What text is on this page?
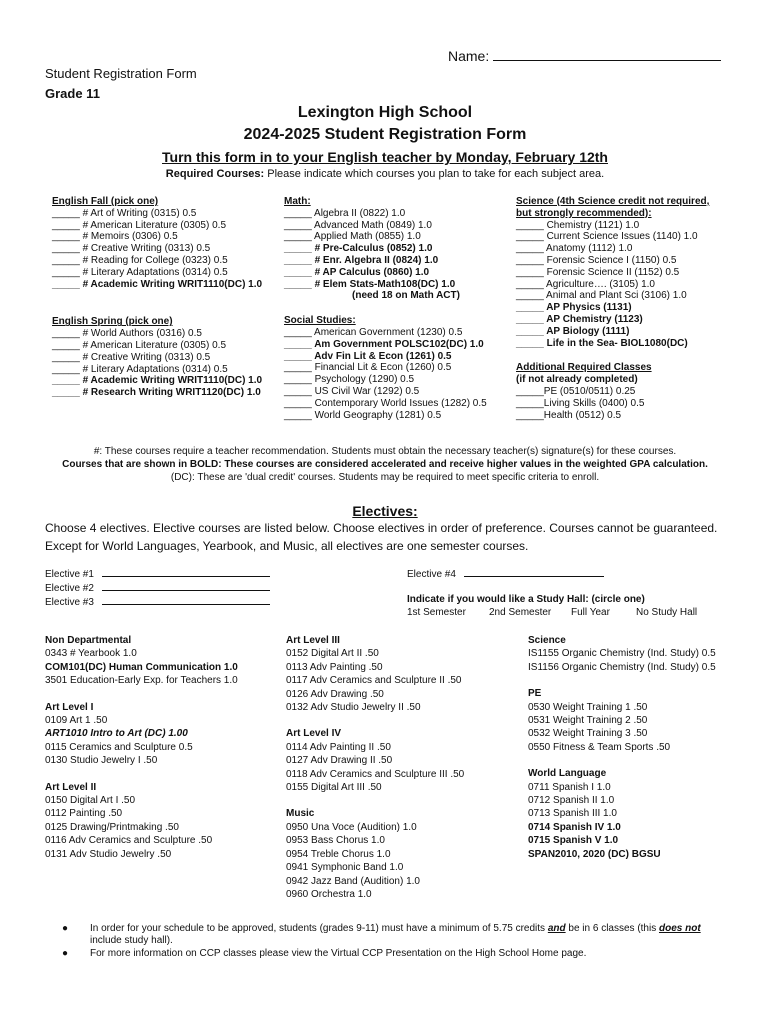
Name:
Student Registration Form
Grade 11
Lexington High School
2024-2025 Student Registration Form
Turn this form in to your English teacher by Monday, February 12th
Required Courses: Please indicate which courses you plan to take for each subject area.
English Fall (pick one)
_____ # Art of Writing (0315) 0.5
_____ # American Literature (0305) 0.5
_____ # Memoirs (0306) 0.5
_____ # Creative Writing (0313) 0.5
_____ # Reading for College (0323) 0.5
_____ # Literary Adaptations (0314) 0.5
_____ # Academic Writing WRIT1110(DC) 1.0

English Spring (pick one)
_____ # World Authors (0316) 0.5
_____ # American Literature (0305) 0.5
_____ # Creative Writing (0313) 0.5
_____ # Literary Adaptations (0314) 0.5
_____ # Academic Writing WRIT1110(DC) 1.0
_____ # Research Writing WRIT1120(DC) 1.0
Math:
_____ Algebra II (0822) 1.0
_____ Advanced Math (0849) 1.0
_____ Applied Math (0855) 1.0
_____ # Pre-Calculus (0852) 1.0
_____ # Enr. Algebra II (0824) 1.0
_____ # AP Calculus (0860) 1.0
_____ # Elem Stats-Math108(DC) 1.0
(need 18 on Math ACT)

Social Studies:
_____ American Government (1230) 0.5
_____ Am Government POLSC102(DC) 1.0
_____ Adv Fin Lit & Econ (1261) 0.5
_____ Financial Lit & Econ (1260) 0.5
_____ Psychology (1290) 0.5
_____ US Civil War (1292) 0.5
_____ Contemporary World Issues (1282) 0.5
_____ World Geography (1281) 0.5
Science (4th Science credit not required,
but strongly recommended):
_____ Chemistry (1121) 1.0
_____ Current Science Issues (1140) 1.0
_____ Anatomy (1112) 1.0
_____ Forensic Science I (1150) 0.5
_____ Forensic Science II (1152) 0.5
_____ Agriculture…. (3105) 1.0
_____ Animal and Plant Sci (3106) 1.0
_____ AP Physics (1131)
_____ AP Chemistry (1123)
_____ AP Biology (1111)
_____ Life in the Sea- BIOL1080(DC)

Additional Required Classes
(if not already completed)
_____PE (0510/0511) 0.25
_____Living Skills (0400) 0.5
_____Health (0512) 0.5
#: These courses require a teacher recommendation. Students must obtain the necessary teacher(s) signature(s) for these courses.
Courses that are shown in BOLD: These courses are considered accelerated and receive higher values in the weighted GPA calculation.
(DC): These are 'dual credit' courses. Students may be required to meet specific criteria to enroll.
Electives:
Choose 4 electives. Elective courses are listed below. Choose electives in order of preference. Courses cannot be guaranteed. Except for World Languages, Yearbook, and Music, all electives are one semester courses.
Elective #1
Elective #2
Elective #3
Elective #4
Indicate if you would like a Study Hall: (circle one)
1st Semester 2nd Semester Full Year	No Study Hall
Non Departmental
0343 # Yearbook 1.0
COM101(DC) Human Communication 1.0
3501 Education-Early Exp. for Teachers 1.0

Art Level I
0109 Art 1 .50
ART1010 Intro to Art (DC) 1.00
0115 Ceramics and Sculpture 0.5
0130 Studio Jewelry I .50

Art Level II
0150 Digital Art I .50
0112 Painting .50
0125 Drawing/Printmaking .50
0116 Adv Ceramics and Sculpture .50
0131 Adv Studio Jewelry .50
Art Level III
0152 Digital Art II .50
0113 Adv Painting .50
0117 Adv Ceramics and Sculpture II .50
0126 Adv Drawing .50
0132 Adv Studio Jewelry II .50

Art Level IV
0114 Adv Painting II .50
0127 Adv Drawing II .50
0118 Adv Ceramics and Sculpture III .50
0155 Digital Art III .50

Music
0950 Una Voce (Audition) 1.0
0953 Bass Chorus 1.0
0954 Treble Chorus 1.0
0941 Symphonic Band 1.0
0942 Jazz Band (Audition) 1.0
0960 Orchestra 1.0
Science
IS1155 Organic Chemistry (Ind. Study) 0.5
IS1156 Organic Chemistry (Ind. Study) 0.5

PE
0530 Weight Training 1 .50
0531 Weight Training 2 .50
0532 Weight Training 3 .50
0550 Fitness & Team Sports .50

World Language
0711 Spanish I 1.0
0712 Spanish II 1.0
0713 Spanish III 1.0
0714 Spanish IV 1.0
0715 Spanish V 1.0
SPAN2010, 2020 (DC) BGSU
● In order for your schedule to be approved, students (grades 9-11) must have a minimum of 5.75 credits and be in 6 classes (this does not include study hall).
● For more information on CCP classes please view the Virtual CCP Presentation on the High School Home page.
